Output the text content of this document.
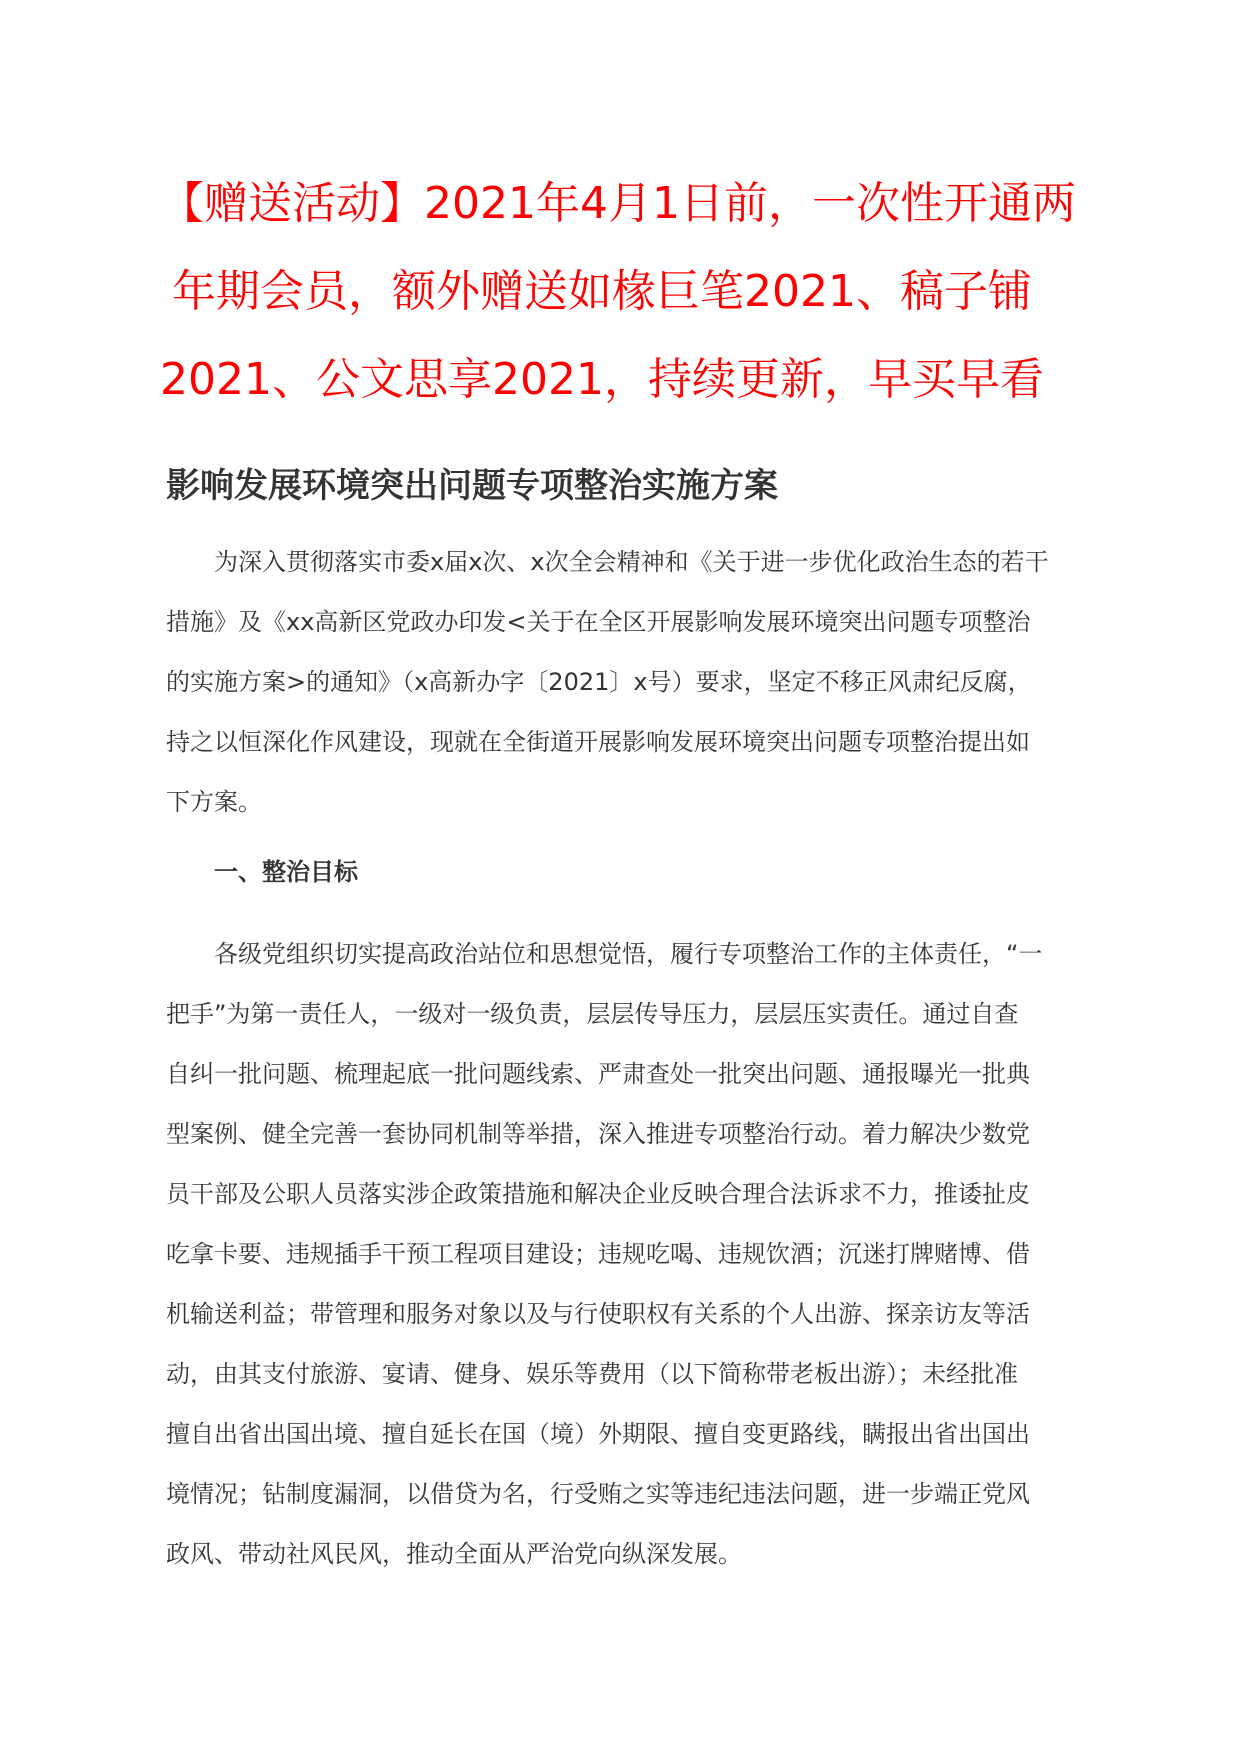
【赠送活动】2021年4月1日前，一次性开通两
年期会员，额外赠送如椽巨笔2021、稿子铺
2021、公文思享2021，持续更新，早买早看
影响发展环境突出问题专项整治实施方案
为深入贯彻落实市委x届x次、x次全会精神和《关于进一步优化政治生态的若干
措施》及《xx高新区党政办印发<关于在全区开展影响发展环境突出问题专项整治
的实施方案>的通知》（x高新办字〔2021〕x号）要求，坚定不移正风肃纪反腐，
持之以恒深化作风建设，现就在全街道开展影响发展环境突出问题专项整治提出如
下方案。
一、整治目标
各级党组织切实提高政治站位和思想觉悟，履行专项整治工作的主体责任，“一
把手”为第一责任人，一级对一级负责，层层传导压力，层层压实责任。通过自查
自纠一批问题、梳理起底一批问题线索、严肃查处一批突出问题、通报曝光一批典
型案例、健全完善一套协同机制等举措，深入推进专项整治行动。着力解决少数党
员干部及公职人员落实涉企政策措施和解决企业反映合理合法诉求不力，推诿扯皮
吃拿卡要、违规插手干预工程项目建设；违规吃喝、违规饮酒；沉迷打牌赌博、借
机输送利益；带管理和服务对象以及与行使职权有关系的个人出游、探亲访友等活
动，由其支付旅游、宴请、健身、娱乐等费用（以下简称带老板出游）；未经批准
擅自出省出国出境、擅自延长在国（境）外期限、擅自变更路线，瞒报出省出国出
境情况；钻制度漏洞，以借贷为名，行受贿之实等违纪违法问题，进一步端正党风
政风、带动社风民风，推动全面从严治党向纵深发展。
